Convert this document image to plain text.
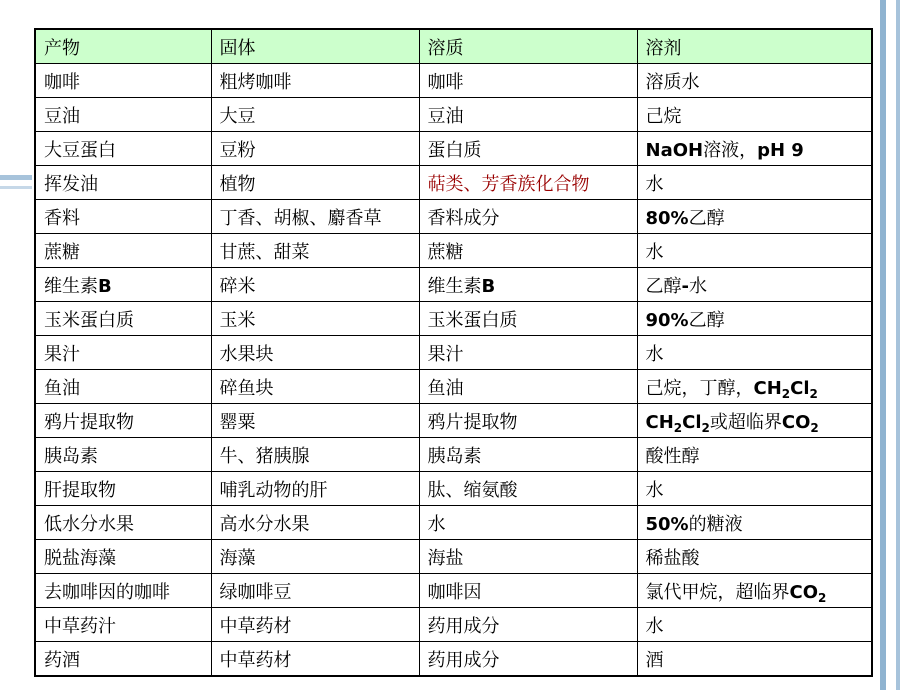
产物	固体	溶质	溶剂
咖啡	粗烤咖啡	咖啡	溶质水
豆油	大豆	豆油	己烷
大豆蛋白	豆粉	蛋白质	NaOH溶液，pH 9
挥发油	植物	萜类、芳香族化合物	水
香料	丁香、胡椒、麝香草	香料成分	80%乙醇
蔗糖	甘蔗、甜菜	蔗糖	水
维生素B	碎米	维生素B	乙醇-水
玉米蛋白质	玉米	玉米蛋白质	90%乙醇
果汁	水果块	果汁	水
鱼油	碎鱼块	鱼油	己烷，丁醇，$CH_2Cl_2$
鸦片提取物	罂粟	鸦片提取物	$CH_2Cl_2$或超临界$CO_2$
胰岛素	牛、猪胰腺	胰岛素	酸性醇
肝提取物	哺乳动物的肝	肽、缩氨酸	水
低水分水果	高水分水果	水	50%的糖液
脱盐海藻	海藻	海盐	稀盐酸
去咖啡因的咖啡	绿咖啡豆	咖啡因	氯代甲烷，超临界$CO_2$
中草药汁	中草药材	药用成分	水
药酒	中草药材	药用成分	酒
